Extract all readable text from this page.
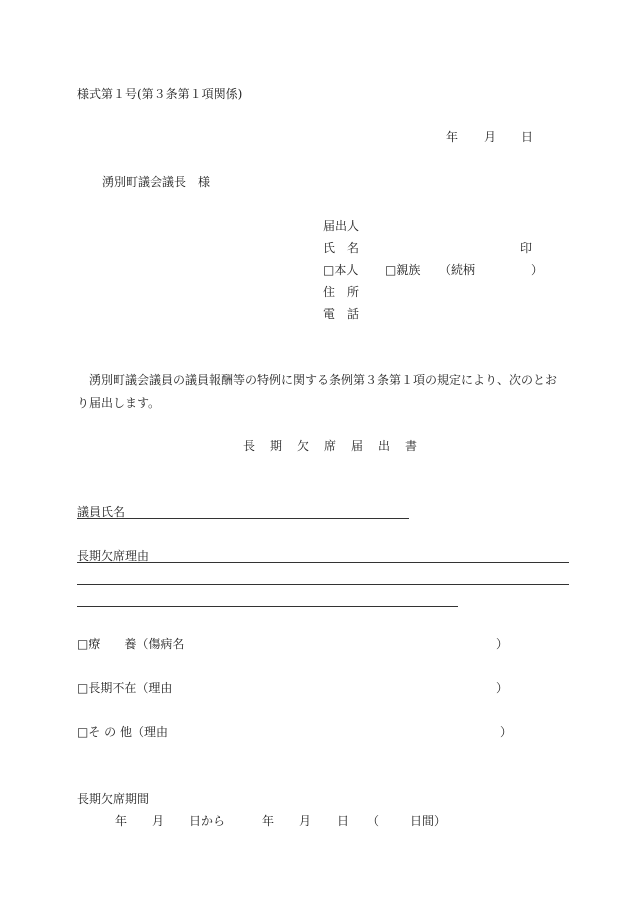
様式第１号(第３条第１項関係)
年 月 日
湧別町議会議長　様
届出人
氏　名	印
□本人 □親族 （続柄	）
住　所
電　話
湧別町議会議員の議員報酬等の特例に関する条例第３条第１項の規定により、次のとお
り届出します。
長期欠席届出書
議員氏名
長期欠席理由
□療　　養（傷病名	）
□長期不在（理由	）
□そ の 他（理由	）
長期欠席期間
年 月 日から	年 月 日 （	日間）
